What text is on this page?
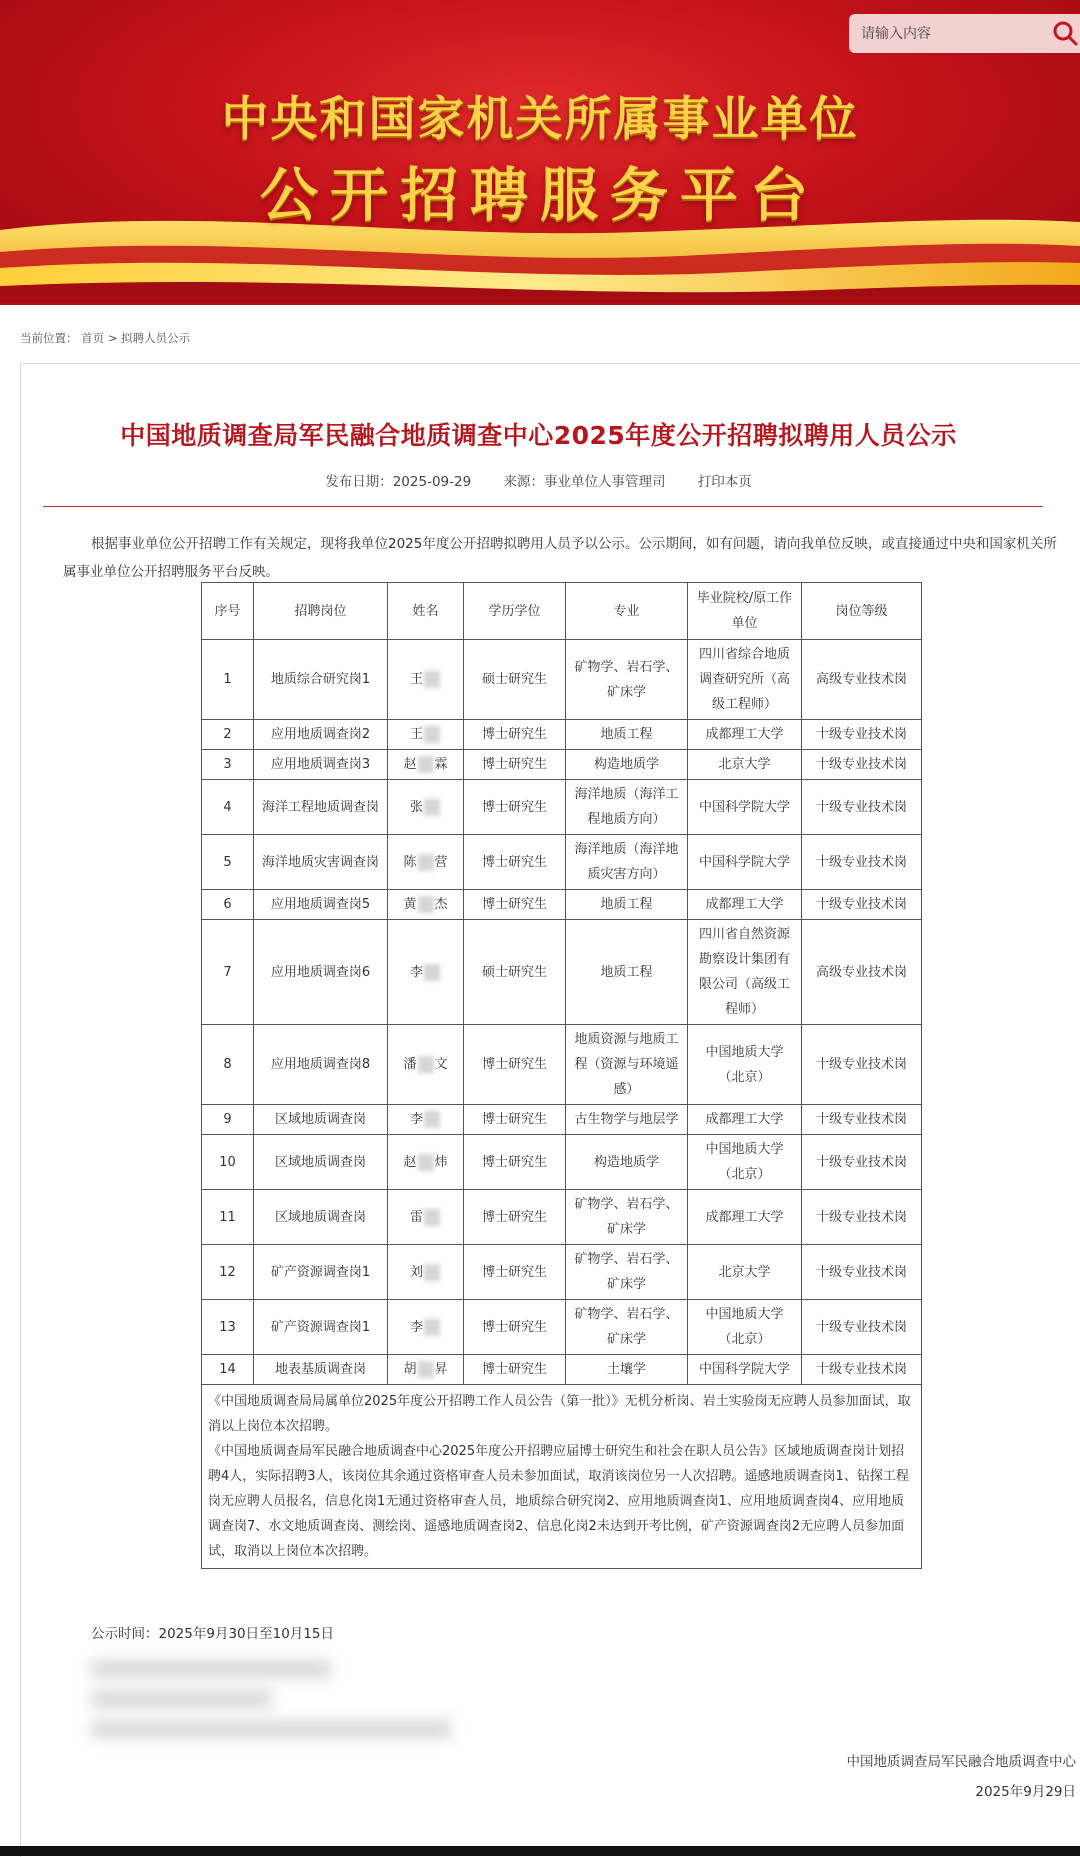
中央和国家机关所属事业单位
公开招聘服务平台
请输入内容
当前位置： 首页 > 拟聘人员公示
中国地质调查局军民融合地质调查中心2025年度公开招聘拟聘用人员公示
发布日期：2025-09-29 来源：事业单位人事管理司 打印本页
根据事业单位公开招聘工作有关规定，现将我单位2025年度公开招聘拟聘用人员予以公示。公示期间，如有问题，请向我单位反映，或直接通过中央和国家机关所属事业单位公开招聘服务平台反映。
序号	招聘岗位	姓名	学历学位	专业	毕业院校/原工作单位	岗位等级
1	地质综合研究岗1	王	硕士研究生	矿物学、岩石学、矿床学	四川省综合地质调查研究所（高级工程师）	高级专业技术岗
2	应用地质调查岗2	王	博士研究生	地质工程	成都理工大学	十级专业技术岗
3	应用地质调查岗3	赵 霖	博士研究生	构造地质学	北京大学	十级专业技术岗
4	海洋工程地质调查岗	张	博士研究生	海洋地质（海洋工程地质方向）	中国科学院大学	十级专业技术岗
5	海洋地质灾害调查岗	陈 营	博士研究生	海洋地质（海洋地质灾害方向）	中国科学院大学	十级专业技术岗
6	应用地质调查岗5	黄 杰	博士研究生	地质工程	成都理工大学	十级专业技术岗
7	应用地质调查岗6	李	硕士研究生	地质工程	四川省自然资源勘察设计集团有限公司（高级工程师）	高级专业技术岗
8	应用地质调查岗8	潘 文	博士研究生	地质资源与地质工程（资源与环境遥感）	中国地质大学（北京）	十级专业技术岗
9	区域地质调查岗	李	博士研究生	古生物学与地层学	成都理工大学	十级专业技术岗
10	区域地质调查岗	赵 炜	博士研究生	构造地质学	中国地质大学（北京）	十级专业技术岗
11	区域地质调查岗	雷	博士研究生	矿物学、岩石学、矿床学	成都理工大学	十级专业技术岗
12	矿产资源调查岗1	刘	博士研究生	矿物学、岩石学、矿床学	北京大学	十级专业技术岗
13	矿产资源调查岗1	李	博士研究生	矿物学、岩石学、矿床学	中国地质大学（北京）	十级专业技术岗
14	地表基质调查岗	胡 昇	博士研究生	土壤学	中国科学院大学	十级专业技术岗

《中国地质调查局局属单位2025年度公开招聘工作人员公告（第一批）》无机分析岗、岩土实验岗无应聘人员参加面试，取消以上岗位本次招聘。
《中国地质调查局军民融合地质调查中心2025年度公开招聘应届博士研究生和社会在职人员公告》区域地质调查岗计划招聘4人，实际招聘3人，该岗位其余通过资格审查人员未参加面试，取消该岗位另一人次招聘。遥感地质调查岗1、钻探工程岗无应聘人员报名，信息化岗1无通过资格审查人员，地质综合研究岗2、应用地质调查岗1、应用地质调查岗4、应用地质调查岗7、水文地质调查岗、测绘岗、遥感地质调查岗2、信息化岗2未达到开考比例，矿产资源调查岗2无应聘人员参加面试，取消以上岗位本次招聘。						
公示时间：2025年9月30日至10月15日
中国地质调查局军民融合地质调查中心
2025年9月29日
